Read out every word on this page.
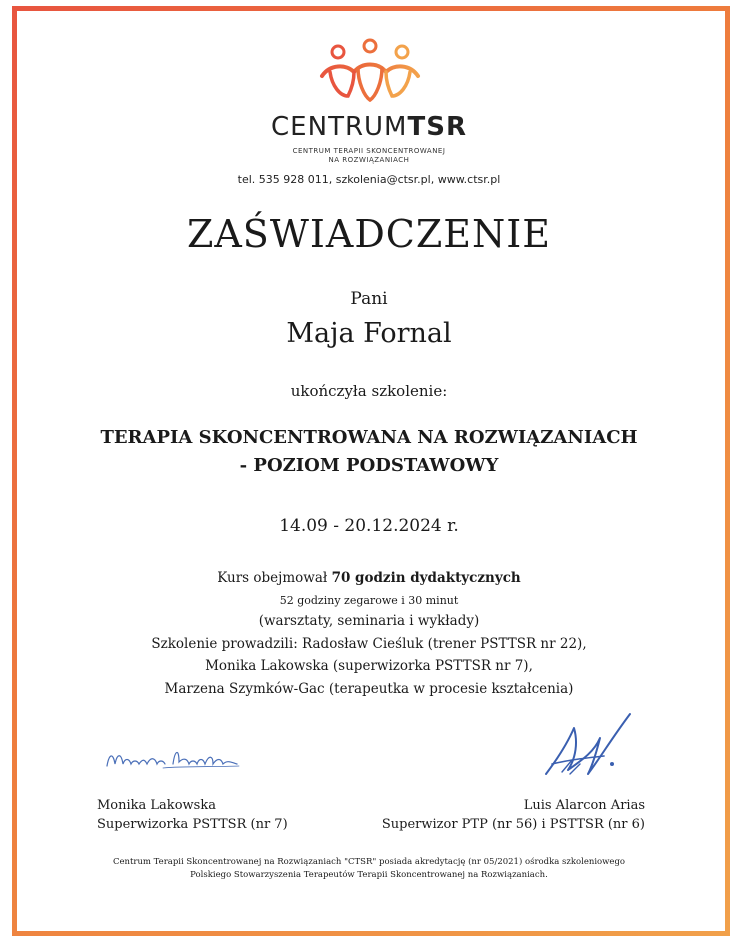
CENTRUMTSR
CENTRUM TERAPII SKONCENTROWANEJ
NA ROZWIĄZANIACH
tel. 535 928 011, szkolenia@ctsr.pl, www.ctsr.pl
ZAŚWIADCZENIE
Pani
Maja Fornal
ukończyła szkolenie:
TERAPIA SKONCENTROWANA NA ROZWIĄZANIACH
- POZIOM PODSTAWOWY
14.09 - 20.12.2024 r.
Kurs obejmował 70 godzin dydaktycznych
52 godziny zegarowe i 30 minut
(warsztaty, seminaria i wykłady)
Szkolenie prowadzili: Radosław Cieśluk (trener PSTTSR nr 22),
Monika Lakowska (superwizorka PSTTSR nr 7),
Marzena Szymków-Gac (terapeutka w procesie kształcenia)
Monika Lakowska
Superwizorka PSTTSR (nr 7)
Luis Alarcon Arias
Superwizor PTP (nr 56) i PSTTSR (nr 6)
Centrum Terapii Skoncentrowanej na Rozwiązaniach "CTSR" posiada akredytację (nr 05/2021) ośrodka szkoleniowego
Polskiego Stowarzyszenia Terapeutów Terapii Skoncentrowanej na Rozwiązaniach.
